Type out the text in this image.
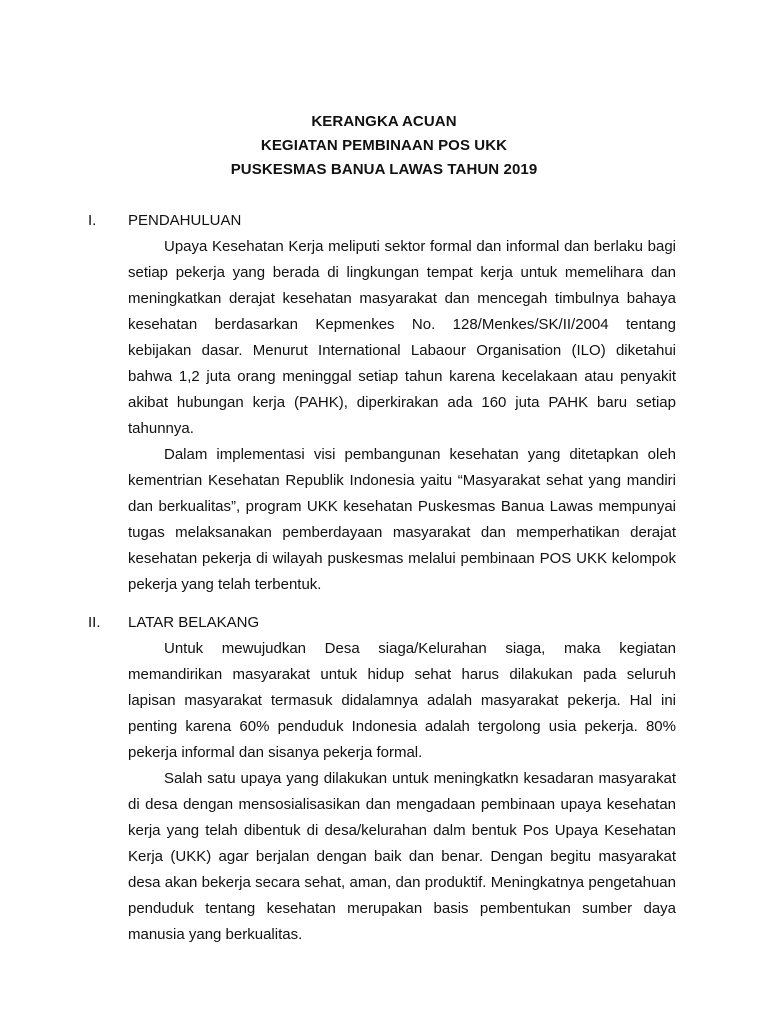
KERANGKA ACUAN
KEGIATAN PEMBINAAN POS UKK
PUSKESMAS BANUA LAWAS TAHUN 2019
I.	PENDAHULUAN

Upaya Kesehatan Kerja meliputi sektor formal dan informal dan berlaku bagi setiap pekerja yang berada di lingkungan tempat kerja untuk memelihara dan meningkatkan derajat kesehatan masyarakat dan mencegah timbulnya bahaya kesehatan berdasarkan Kepmenkes No. 128/Menkes/SK/II/2004 tentang kebijakan dasar. Menurut International Labaour Organisation (ILO) diketahui bahwa 1,2 juta orang meninggal setiap tahun karena kecelakaan atau penyakit akibat hubungan kerja (PAHK), diperkirakan ada 160 juta PAHK baru setiap tahunnya.

Dalam implementasi visi pembangunan kesehatan yang ditetapkan oleh kementrian Kesehatan Republik Indonesia yaitu “Masyarakat sehat yang mandiri dan berkualitas”, program UKK kesehatan Puskesmas Banua Lawas mempunyai tugas melaksanakan pemberdayaan masyarakat dan memperhatikan derajat kesehatan pekerja di wilayah puskesmas melalui pembinaan POS UKK kelompok pekerja yang telah terbentuk.

II.	LATAR BELAKANG

Untuk mewujudkan Desa siaga/Kelurahan siaga, maka kegiatan memandirikan masyarakat untuk hidup sehat harus dilakukan pada seluruh lapisan masyarakat termasuk didalamnya adalah masyarakat pekerja. Hal ini penting karena 60% penduduk Indonesia adalah tergolong usia pekerja. 80% pekerja informal dan sisanya pekerja formal.

Salah satu upaya yang dilakukan untuk meningkatkn kesadaran masyarakat di desa dengan mensosialisasikan dan mengadaan pembinaan upaya kesehatan kerja yang telah dibentuk di desa/kelurahan dalm bentuk Pos Upaya Kesehatan Kerja (UKK) agar berjalan dengan baik dan benar. Dengan begitu masyarakat desa akan bekerja secara sehat, aman, dan produktif. Meningkatnya pengetahuan penduduk tentang kesehatan merupakan basis pembentukan sumber daya manusia yang berkualitas.
